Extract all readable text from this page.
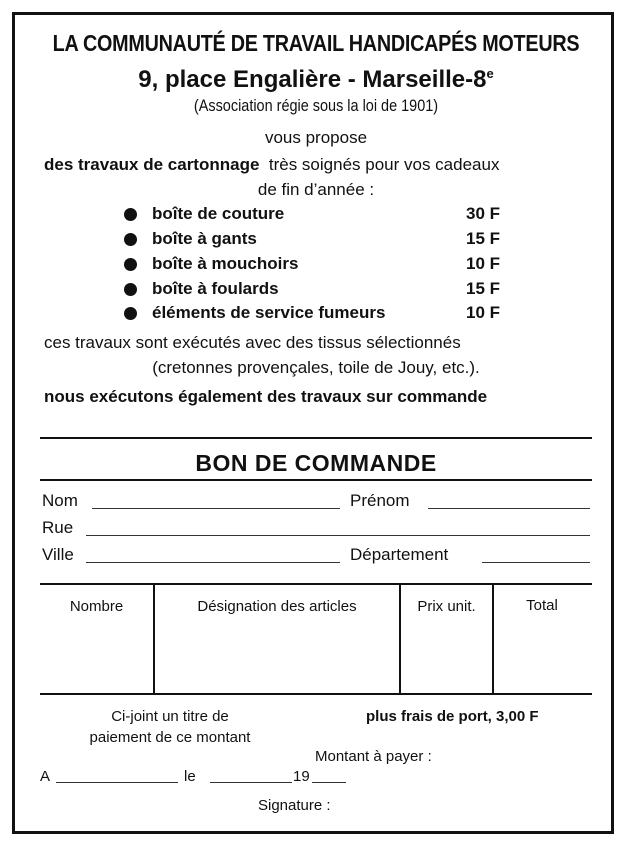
LA COMMUNAUTÉ DE TRAVAIL HANDICAPÉS MOTEURS
9, place Engalière - Marseille-8e
(Association régie sous la loi de 1901)
vous propose
des travaux de cartonnage très soignés pour vos cadeaux
de fin d’année :
boîte de couture	30 F
boîte à gants	15 F
boîte à mouchoirs	10 F
boîte à foulards	15 F
éléments de service fumeurs	10 F
ces travaux sont exécutés avec des tissus sélectionnés
(cretonnes provençales, toile de Jouy, etc.).
nous exécutons également des travaux sur commande
BON DE COMMANDE
Nom	Prénom
Rue
Ville	Département
Nombre	Désignation des articles	Prix unit.	Total
Ci-joint un titre de
paiement de ce montant
plus frais de port, 3,00 F
Montant à payer :
A	le	19
Signature :
